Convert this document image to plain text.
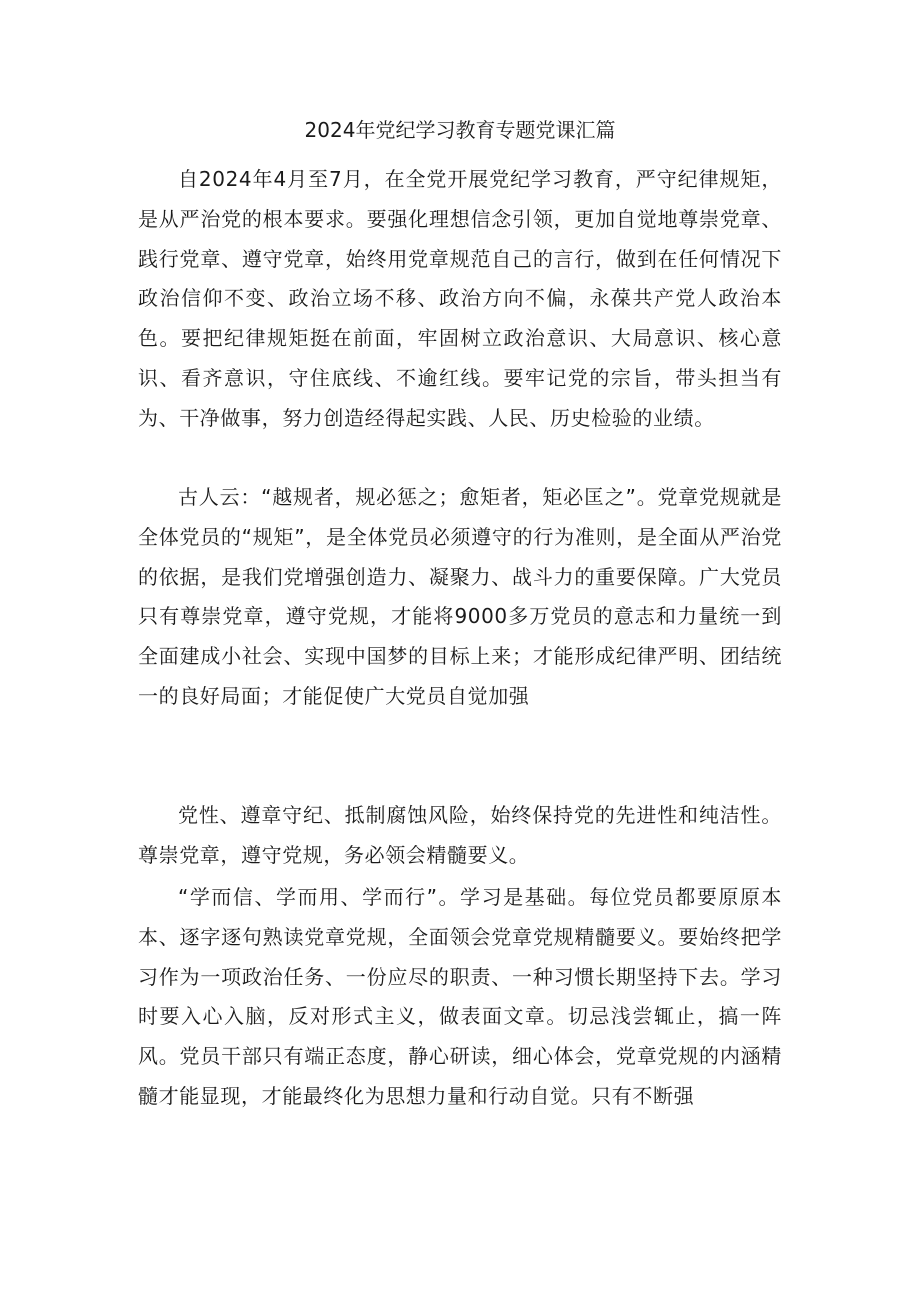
2024年党纪学习教育专题党课汇篇

自2024年4月至7月，在全党开展党纪学习教育，严守纪律规矩，是从严治党的根本要求。要强化理想信念引领，更加自觉地尊崇党章、践行党章、遵守党章，始终用党章规范自己的言行，做到在任何情况下政治信仰不变、政治立场不移、政治方向不偏，永葆共产党人政治本色。要把纪律规矩挺在前面，牢固树立政治意识、大局意识、核心意识、看齐意识，守住底线、不逾红线。要牢记党的宗旨，带头担当有为、干净做事，努力创造经得起实践、人民、历史检验的业绩。

古人云：“越规者，规必惩之；愈矩者，矩必匡之”。党章党规就是全体党员的“规矩”，是全体党员必须遵守的行为准则，是全面从严治党的依据，是我们党增强创造力、凝聚力、战斗力的重要保障。广大党员只有尊崇党章，遵守党规，才能将9000多万党员的意志和力量统一到全面建成小社会、实现中国梦的目标上来；才能形成纪律严明、团结统一的良好局面；才能促使广大党员自觉加强

党性、遵章守纪、抵制腐蚀风险，始终保持党的先进性和纯洁性。尊崇党章，遵守党规，务必领会精髓要义。

“学而信、学而用、学而行”。学习是基础。每位党员都要原原本本、逐字逐句熟读党章党规，全面领会党章党规精髓要义。要始终把学习作为一项政治任务、一份应尽的职责、一种习惯长期坚持下去。学习时要入心入脑，反对形式主义，做表面文章。切忌浅尝辄止，搞一阵风。党员干部只有端正态度，静心研读，细心体会，党章党规的内涵精髓才能显现，才能最终化为思想力量和行动自觉。只有不断强
